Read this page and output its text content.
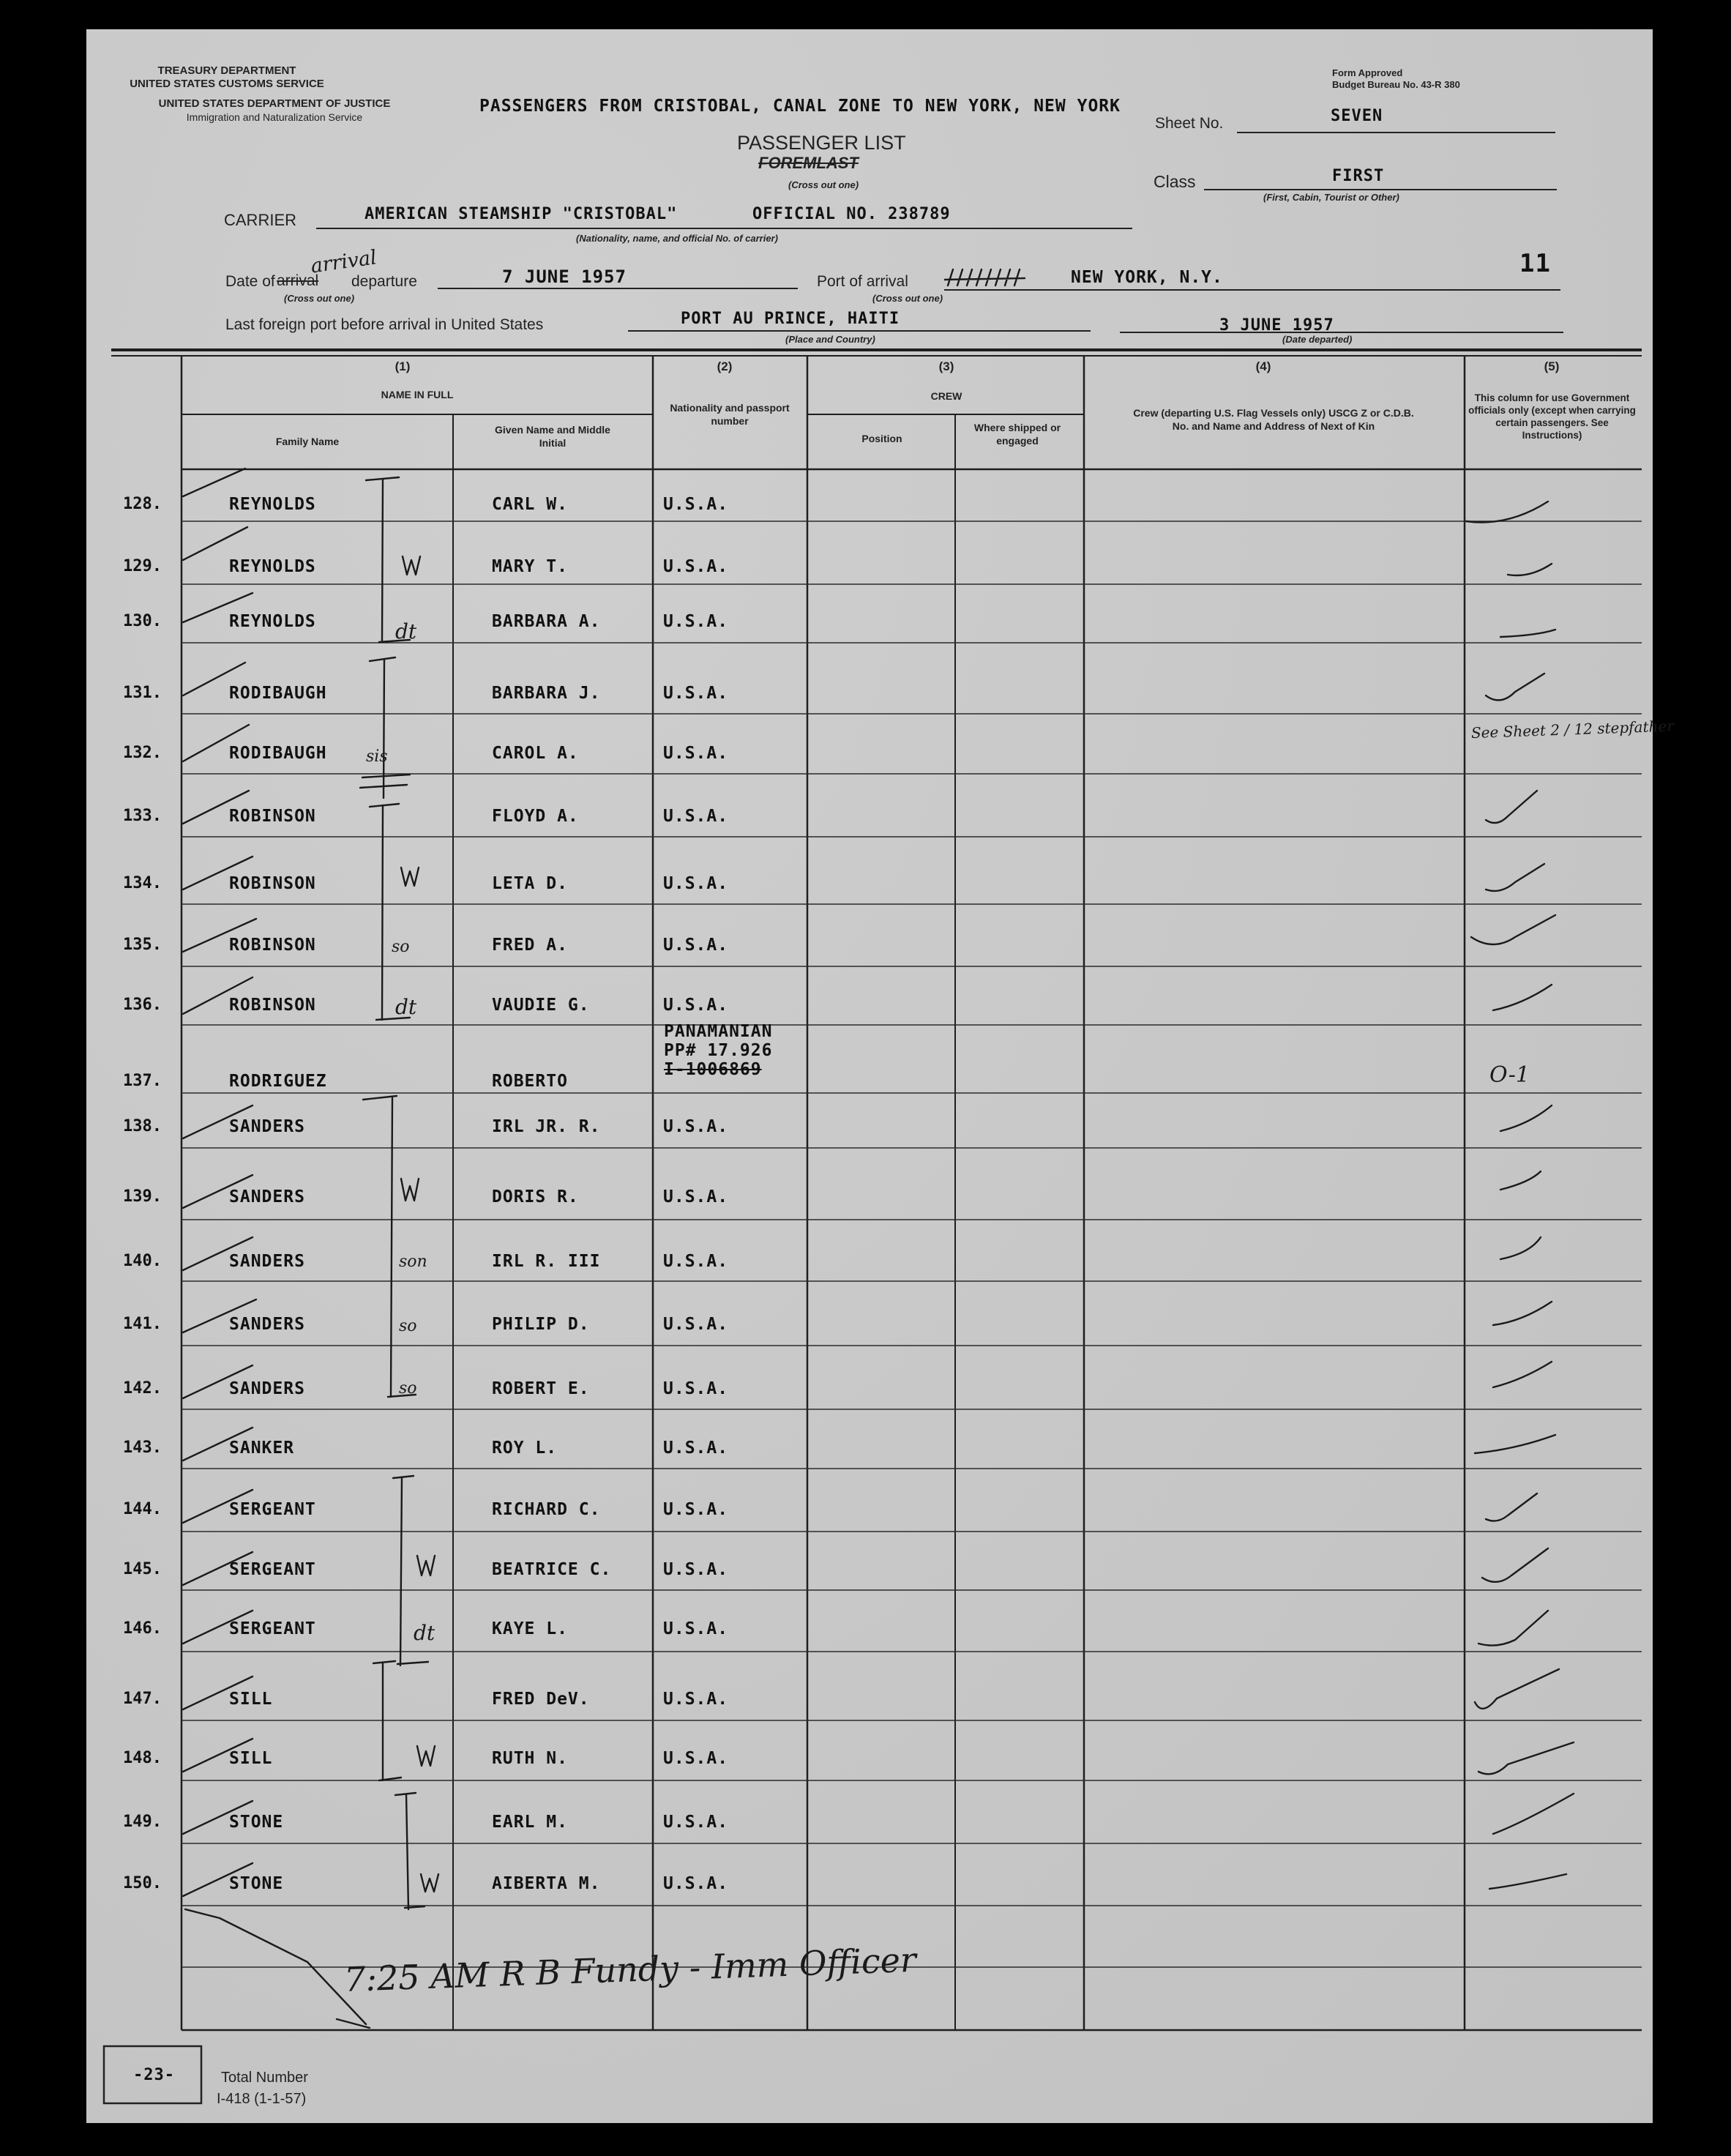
TREASURY DEPARTMENT
UNITED STATES CUSTOMS SERVICE
UNITED STATES DEPARTMENT OF JUSTICE
Immigration and Naturalization Service
PASSENGERS FROM CRISTOBAL, CANAL ZONE TO NEW YORK, NEW YORK
Form Approved
Budget Bureau No. 43-R 380
Sheet No.	SEVEN
PASSENGER LIST
FOREMLAST
(Cross out one)	Class	FIRST
(First, Cabin, Tourist or Other)
CARRIER	AMERICAN STEAMSHIP "CRISTOBAL"	OFFICIAL NO. 238789
(Nationality, name, and official No. of carrier)
11
Date of arrival departure
arrival
(Cross out one)
7 JUNE 1957	Port of arrival	NEW YORK, N.Y.
(Cross out one)
Last foreign port before arrival in United States	PORT AU PRINCE, HAITI
(Place and Country)
3 JUNE 1957
(Date departed)
(1)
NAME IN FULL
Family Name
Given Name and Middle Initial
(2)
Nationality and passport number
(3)
CREW
Position
Where shipped or engaged
(4)
Crew (departing U.S. Flag Vessels only) USCG Z or C.D.B. No. and Name and Address of Next of Kin
(5)
This column for use Government officials only (except when carrying certain passengers. See Instructions)
128.	REYNOLDS	CARL W.	U.S.A.
129.	REYNOLDS	MARY T.	U.S.A.
130.	REYNOLDS	BARBARA A.	U.S.A.
131.	RODIBAUGH	BARBARA J.	U.S.A.
132.	RODIBAUGH	CAROL A.	U.S.A.
133.	ROBINSON	FLOYD A.	U.S.A.
134.	ROBINSON	LETA D.	U.S.A.
135.	ROBINSON	FRED A.	U.S.A.
136.	ROBINSON	VAUDIE G.	U.S.A.
137.	RODRIGUEZ	ROBERTO
PANAMANIAN
PP# 17.926
I-1006869
138.	SANDERS	IRL JR. R.	U.S.A.
139.	SANDERS	DORIS R.	U.S.A.
140.	SANDERS	IRL R. III	U.S.A.
141.	SANDERS	PHILIP D.	U.S.A.
142.	SANDERS	ROBERT E.	U.S.A.
143.	SANKER	ROY L.	U.S.A.
144.	SERGEANT	RICHARD C.	U.S.A.
145.	SERGEANT	BEATRICE C.	U.S.A.
146.	SERGEANT	KAYE L.	U.S.A.
147.	SILL	FRED DeV.	U.S.A.
148.	SILL	RUTH N.	U.S.A.
149.	STONE	EARL M.	U.S.A.
150.	STONE	AIBERTA M.	U.S.A.
dt
sis
so
dt
son
so
so
dt
See Sheet 2 / 12 stepfather
O-1
7:25 AM R B Fundy - Imm Officer
-23-	Total Number
I-418 (1-1-57)
